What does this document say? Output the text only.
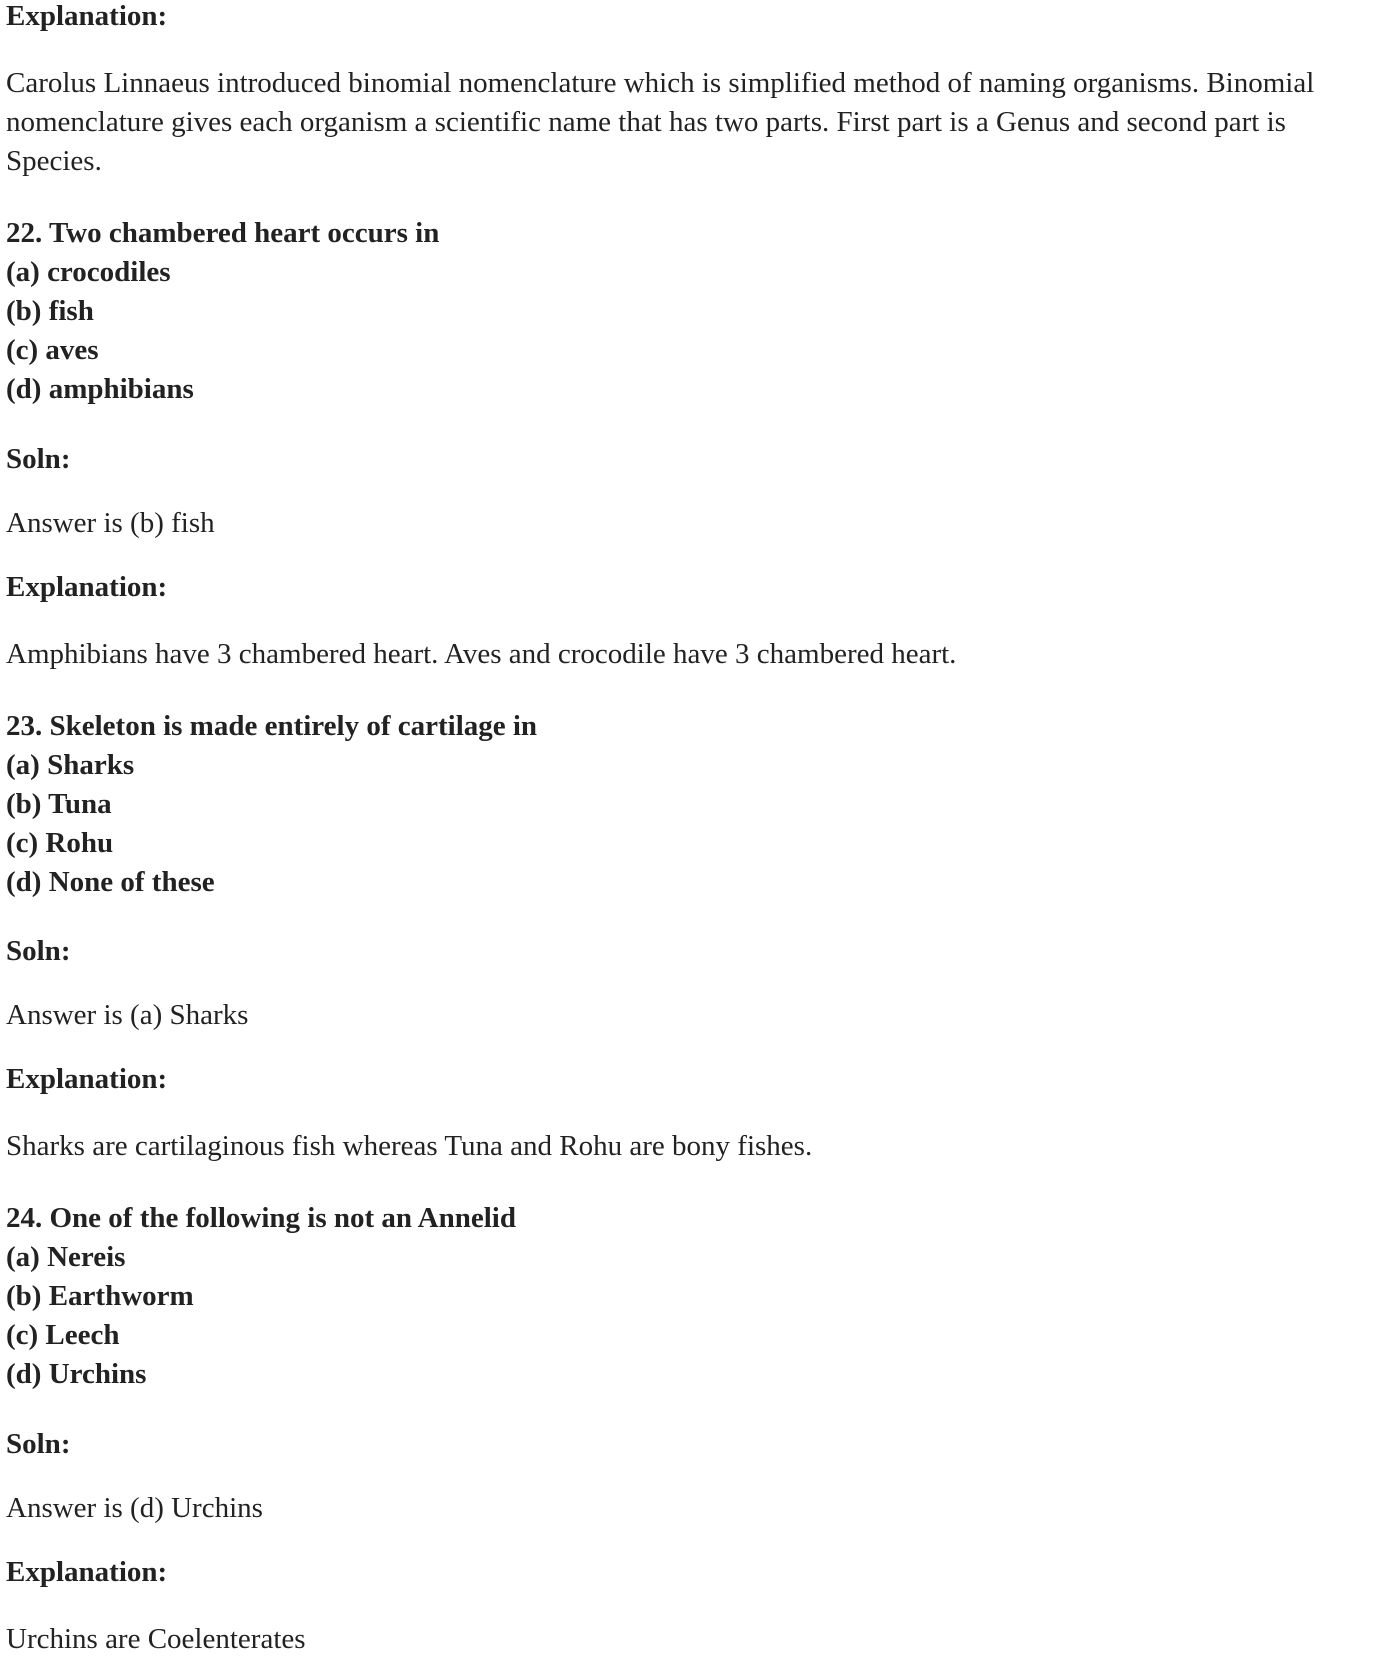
Explanation:
Carolus Linnaeus introduced binomial nomenclature which is simplified method of naming organisms. Binomial nomenclature gives each organism a scientific name that has two parts. First part is a Genus and second part is Species.
22. Two chambered heart occurs in
(a) crocodiles
(b) fish
(c) aves
(d) amphibians
Soln:
Answer is (b) fish
Explanation:
Amphibians have 3 chambered heart. Aves and crocodile have 3 chambered heart.
23. Skeleton is made entirely of cartilage in
(a) Sharks
(b) Tuna
(c) Rohu
(d) None of these
Soln:
Answer is (a) Sharks
Explanation:
Sharks are cartilaginous fish whereas Tuna and Rohu are bony fishes.
24. One of the following is not an Annelid
(a) Nereis
(b) Earthworm
(c) Leech
(d) Urchins
Soln:
Answer is (d) Urchins
Explanation:
Urchins are Coelenterates
